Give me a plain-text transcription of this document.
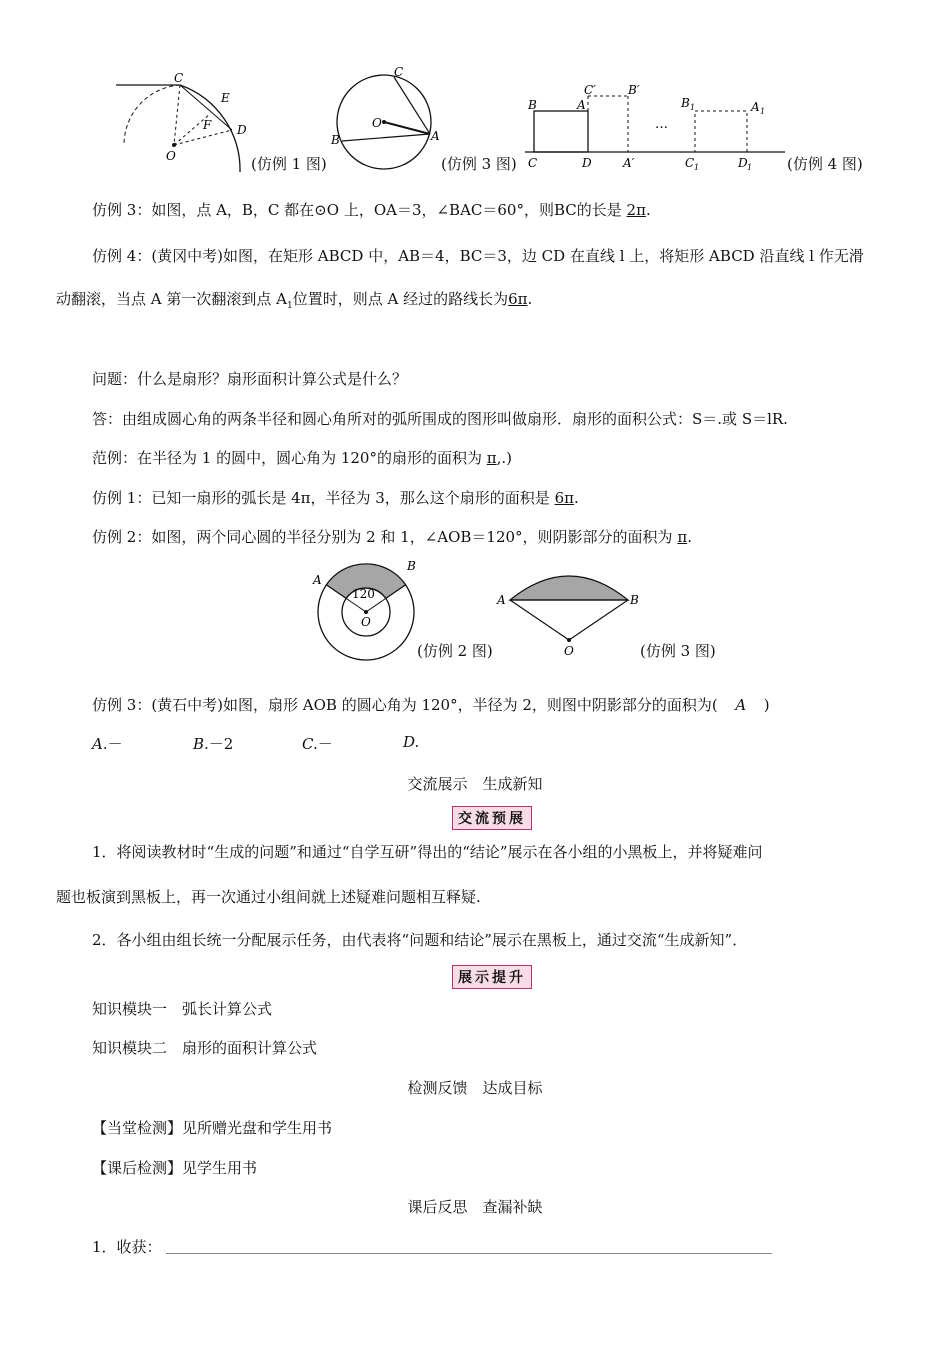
C
E
F D
O	(仿例 1 图)
C
B
O
A
(仿例 3 图)
B	A
C	D
C′	B′
A′
…
B 1	A 1
C 1	D 1 (仿例 4 图)
仿例 3：如图，点 A，B，C 都在⊙O 上，OA＝3，∠BAC＝60°，则BC的长是 2π.
仿例 4：(黄冈中考)如图，在矩形 ABCD 中，AB＝4，BC＝3，边 CD 在直线 l 上，将矩形 ABCD 沿直线 l 作无滑
动翻滚，当点 A 第一次翻滚到点 $A_1$位置时，则点 A 经过的路线长为6π.
问题：什么是扇形？扇形面积计算公式是什么？
答：由组成圆心角的两条半径和圆心角所对的弧所围成的图形叫做扇形．扇形的面积公式：S＝.或 S＝lR.
范例：在半径为 1 的圆中，圆心角为 120°的扇形的面积为 π,.)
仿例 1：已知一扇形的弧长是 4π，半径为 3，那么这个扇形的面积是 6π.
仿例 2：如图，两个同心圆的半径分别为 2 和 1，∠AOB＝120°，则阴影部分的面积为 π.
120
A
B
O
(仿例 2 图)
A	B
O	(仿例 3 图)
仿例 3：(黄石中考)如图，扇形 AOB 的圆心角为 120°，半径为 2，则图中阴影部分的面积为( A )
A.－	B.－2	C.－	D.
交流展示　生成新知
交流预展
1．将阅读教材时“生成的问题”和通过“自学互研”得出的“结论”展示在各小组的小黑板上，并将疑难问
题也板演到黑板上，再一次通过小组间就上述疑难问题相互释疑.
2．各小组由组长统一分配展示任务，由代表将“问题和结论”展示在黑板上，通过交流“生成新知”．
展示提升
知识模块一　弧长计算公式
知识模块二　扇形的面积计算公式
检测反馈　达成目标
【当堂检测】见所赠光盘和学生用书
【课后检测】见学生用书
课后反思　查漏补缺
1．收获：
